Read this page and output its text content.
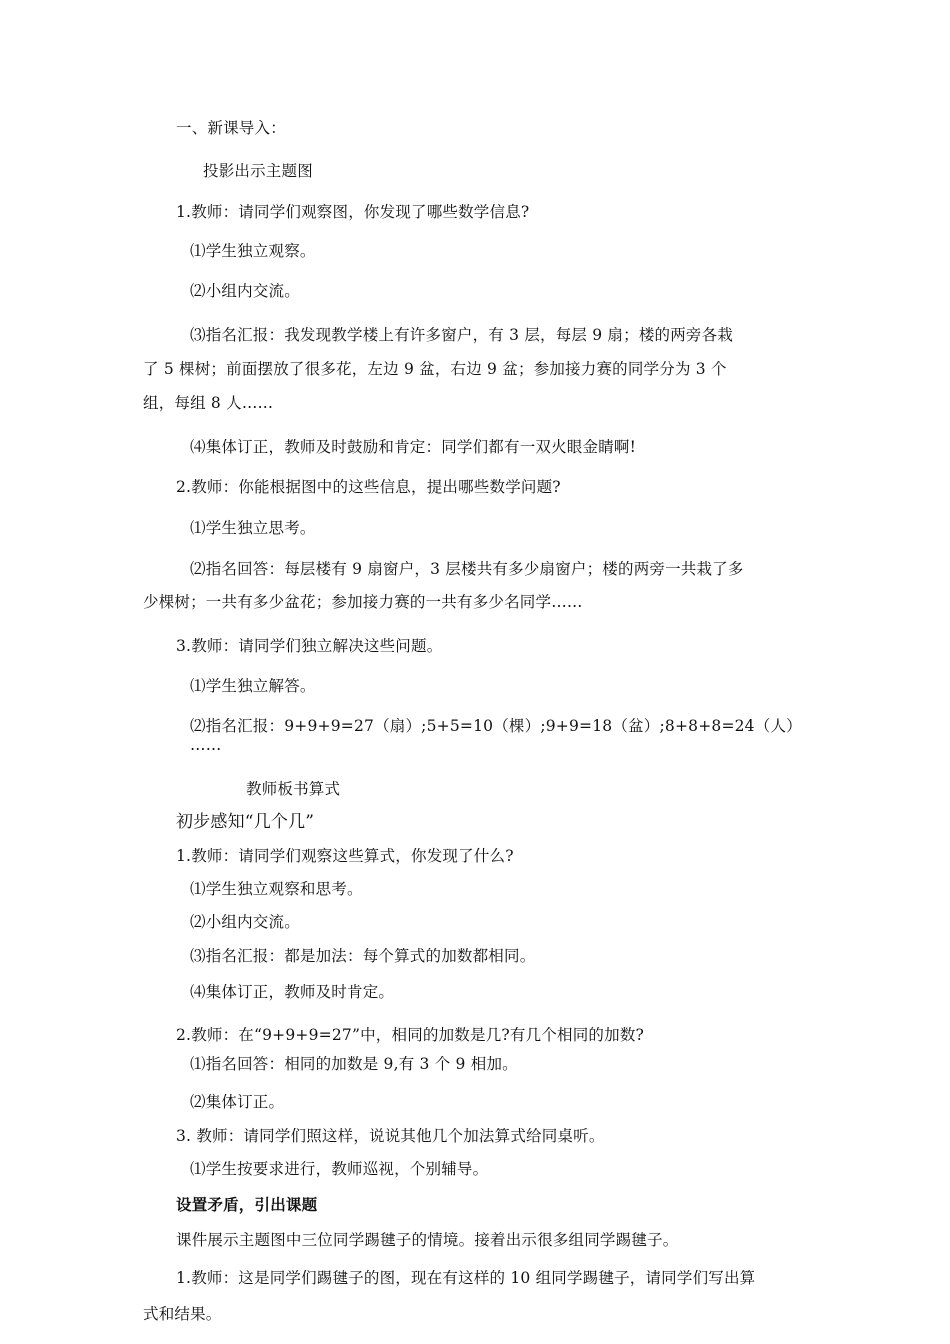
一、新课导入：
投影出示主题图
1.教师：请同学们观察图，你发现了哪些数学信息?
⑴学生独立观察。
⑵小组内交流。
⑶指名汇报：我发现教学楼上有许多窗户，有 3 层，每层 9 扇；楼的两旁各栽
了 5 棵树；前面摆放了很多花，左边 9 盆，右边 9 盆；参加接力赛的同学分为 3 个
组，每组 8 人……
⑷集体订正，教师及时鼓励和肯定：同学们都有一双火眼金睛啊!
2.教师：你能根据图中的这些信息，提出哪些数学问题?
⑴学生独立思考。
⑵指名回答：每层楼有 9 扇窗户，3 层楼共有多少扇窗户；楼的两旁一共栽了多
少棵树；一共有多少盆花；参加接力赛的一共有多少名同学……
3.教师：请同学们独立解决这些问题。
⑴学生独立解答。
⑵指名汇报：9+9+9=27（扇）;5+5=10（棵）;9+9=18（盆）;8+8+8=24（人）
……
教师板书算式
初步感知“几个几”
1.教师：请同学们观察这些算式，你发现了什么?
⑴学生独立观察和思考。
⑵小组内交流。
⑶指名汇报：都是加法：每个算式的加数都相同。
⑷集体订正，教师及时肯定。
2.教师：在“9+9+9=27”中，相同的加数是几?有几个相同的加数?
⑴指名回答：相同的加数是 9,有 3 个 9 相加。
⑵集体订正。
3. 教师：请同学们照这样，说说其他几个加法算式给同桌听。
⑴学生按要求进行，教师巡视，个别辅导。
设置矛盾，引出课题
课件展示主题图中三位同学踢毽子的情境。接着出示很多组同学踢毽子。
1.教师：这是同学们踢毽子的图，现在有这样的 10 组同学踢毽子，请同学们写出算
式和结果。
